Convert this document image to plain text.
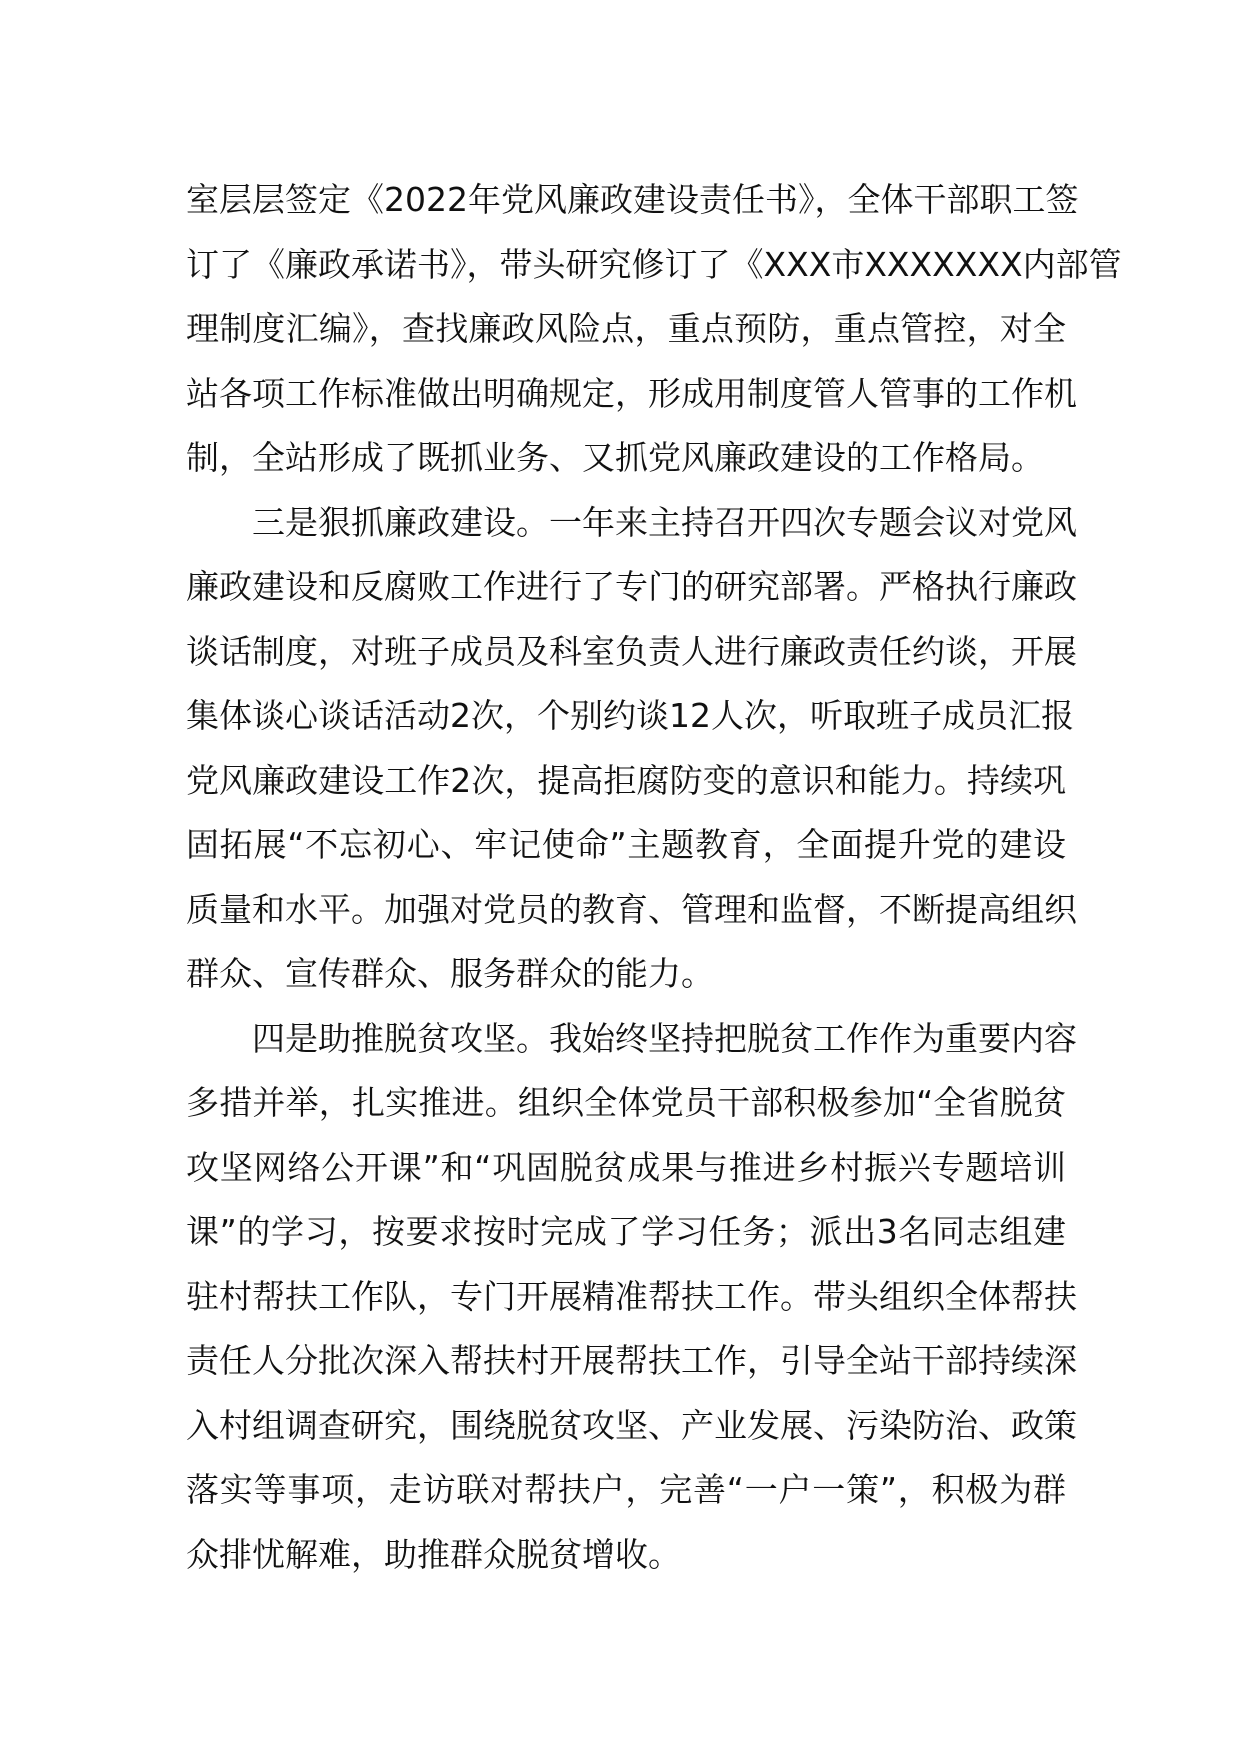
室层层签定《2022年党风廉政建设责任书》，全体干部职工签
订了《廉政承诺书》，带头研究修订了《XXX市XXXXXXX内部管
理制度汇编》，查找廉政风险点，重点预防，重点管控，对全
站各项工作标准做出明确规定，形成用制度管人管事的工作机
制，全站形成了既抓业务、又抓党风廉政建设的工作格局。
三是狠抓廉政建设。一年来主持召开四次专题会议对党风
廉政建设和反腐败工作进行了专门的研究部署。严格执行廉政
谈话制度，对班子成员及科室负责人进行廉政责任约谈，开展
集体谈心谈话活动2次，个别约谈12人次，听取班子成员汇报
党风廉政建设工作2次，提高拒腐防变的意识和能力。持续巩
固拓展“不忘初心、牢记使命”主题教育，全面提升党的建设
质量和水平。加强对党员的教育、管理和监督，不断提高组织
群众、宣传群众、服务群众的能力。
四是助推脱贫攻坚。我始终坚持把脱贫工作作为重要内容
多措并举，扎实推进。组织全体党员干部积极参加“全省脱贫
攻坚网络公开课”和“巩固脱贫成果与推进乡村振兴专题培训
课”的学习，按要求按时完成了学习任务；派出3名同志组建
驻村帮扶工作队，专门开展精准帮扶工作。带头组织全体帮扶
责任人分批次深入帮扶村开展帮扶工作，引导全站干部持续深
入村组调查研究，围绕脱贫攻坚、产业发展、污染防治、政策
落实等事项，走访联对帮扶户，完善“一户一策”，积极为群
众排忧解难，助推群众脱贫增收。
